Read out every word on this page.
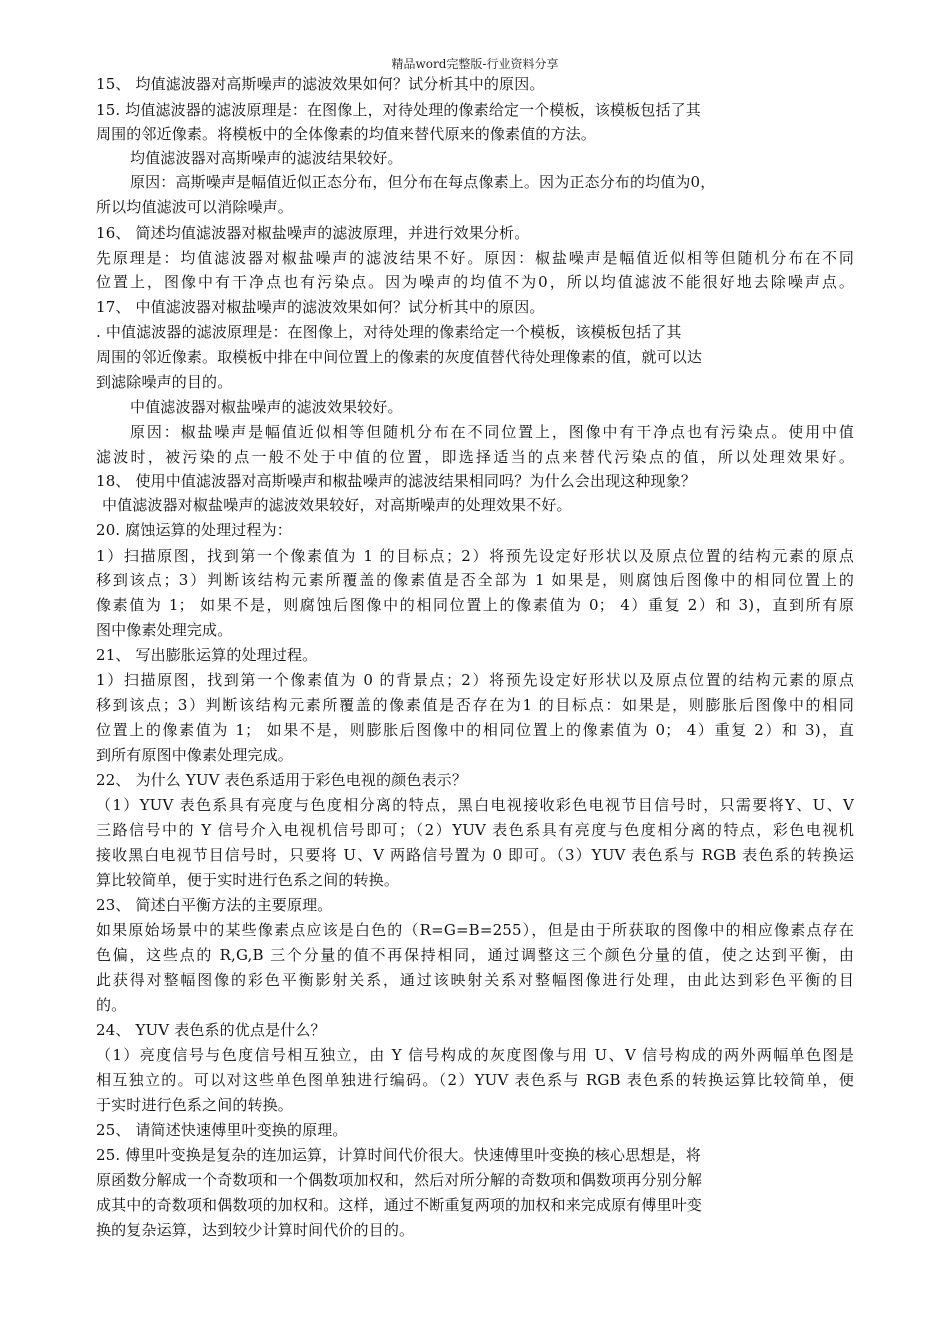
精品word完整版-行业资料分享
15、 均值滤波器对高斯噪声的滤波效果如何？试分析其中的原因。
15. 均值滤波器的滤波原理是：在图像上，对待处理的像素给定一个模板，该模板包括了其
周围的邻近像素。将模板中的全体像素的均值来替代原来的像素值的方法。
均值滤波器对高斯噪声的滤波结果较好。
原因：高斯噪声是幅值近似正态分布，但分布在每点像素上。因为正态分布的均值为0，
所以均值滤波可以消除噪声。
16、 简述均值滤波器对椒盐噪声的滤波原理，并进行效果分析。
先原理是：均值滤波器对椒盐噪声的滤波结果不好。原因：椒盐噪声是幅值近似相等但随机分布在不同
位置上，图像中有干净点也有污染点。因为噪声的均值不为0，所以均值滤波不能很好地去除噪声点。
17、 中值滤波器对椒盐噪声的滤波效果如何？试分析其中的原因。
. 中值滤波器的滤波原理是：在图像上，对待处理的像素给定一个模板，该模板包括了其
周围的邻近像素。取模板中排在中间位置上的像素的灰度值替代待处理像素的值，就可以达
到滤除噪声的目的。
中值滤波器对椒盐噪声的滤波效果较好。
原因：椒盐噪声是幅值近似相等但随机分布在不同位置上，图像中有干净点也有污染点。使用中值
滤波时，被污染的点一般不处于中值的位置，即选择适当的点来替代污染点的值，所以处理效果好。
18、 使用中值滤波器对高斯噪声和椒盐噪声的滤波结果相同吗？为什么会出现这种现象？
中值滤波器对椒盐噪声的滤波效果较好，对高斯噪声的处理效果不好。
20. 腐蚀运算的处理过程为：
1）扫描原图，找到第一个像素值为 1 的目标点；2）将预先设定好形状以及原点位置的结构元素的原点
移到该点；3）判断该结构元素所覆盖的像素值是否全部为 1 如果是，则腐蚀后图像中的相同位置上的
像素值为 1； 如果不是，则腐蚀后图像中的相同位置上的像素值为 0； 4）重复 2）和 3)，直到所有原
图中像素处理完成。
21、 写出膨胀运算的处理过程。
1）扫描原图，找到第一个像素值为 0 的背景点；2）将预先设定好形状以及原点位置的结构元素的原点
移到该点；3）判断该结构元素所覆盖的像素值是否存在为1 的目标点：如果是，则膨胀后图像中的相同
位置上的像素值为 1； 如果不是，则膨胀后图像中的相同位置上的像素值为 0； 4）重复 2）和 3)，直
到所有原图中像素处理完成。
22、 为什么 YUV 表色系适用于彩色电视的颜色表示？
（1）YUV 表色系具有亮度与色度相分离的特点，黑白电视接收彩色电视节目信号时，只需要将Y、U、V
三路信号中的 Y 信号介入电视机信号即可；（2）YUV 表色系具有亮度与色度相分离的特点，彩色电视机
接收黑白电视节目信号时，只要将 U、V 两路信号置为 0 即可。（3）YUV 表色系与 RGB 表色系的转换运
算比较简单，便于实时进行色系之间的转换。
23、 简述白平衡方法的主要原理。
如果原始场景中的某些像素点应该是白色的（R=G=B=255），但是由于所获取的图像中的相应像素点存在
色偏，这些点的 R,G,B 三个分量的值不再保持相同，通过调整这三个颜色分量的值，使之达到平衡，由
此获得对整幅图像的彩色平衡影射关系，通过该映射关系对整幅图像进行处理，由此达到彩色平衡的目
的。
24、 YUV 表色系的优点是什么？
（1）亮度信号与色度信号相互独立，由 Y 信号构成的灰度图像与用 U、V 信号构成的两外两幅单色图是
相互独立的。可以对这些单色图单独进行编码。（2）YUV 表色系与 RGB 表色系的转换运算比较简单，便
于实时进行色系之间的转换。
25、 请简述快速傅里叶变换的原理。
25. 傅里叶变换是复杂的连加运算，计算时间代价很大。快速傅里叶变换的核心思想是，将
原函数分解成一个奇数项和一个偶数项加权和，然后对所分解的奇数项和偶数项再分别分解
成其中的奇数项和偶数项的加权和。这样，通过不断重复两项的加权和来完成原有傅里叶变
换的复杂运算，达到较少计算时间代价的目的。
